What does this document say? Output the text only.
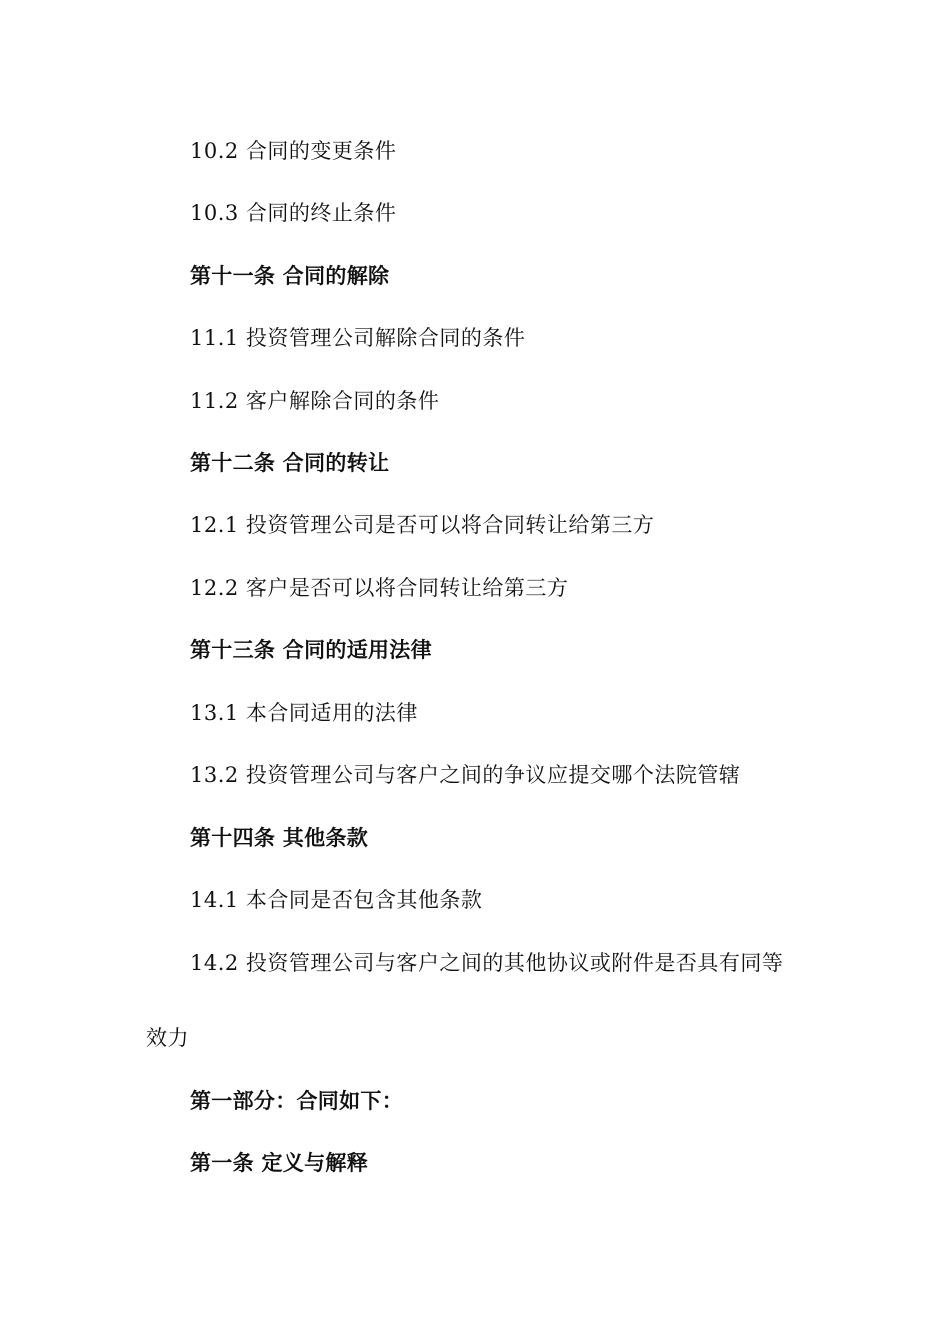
10.2 合同的变更条件
10.3 合同的终止条件
第十一条 合同的解除
11.1 投资管理公司解除合同的条件
11.2 客户解除合同的条件
第十二条 合同的转让
12.1 投资管理公司是否可以将合同转让给第三方
12.2 客户是否可以将合同转让给第三方
第十三条 合同的适用法律
13.1 本合同适用的法律
13.2 投资管理公司与客户之间的争议应提交哪个法院管辖
第十四条 其他条款
14.1 本合同是否包含其他条款
14.2 投资管理公司与客户之间的其他协议或附件是否具有同等
效力
第一部分：合同如下：
第一条 定义与解释
